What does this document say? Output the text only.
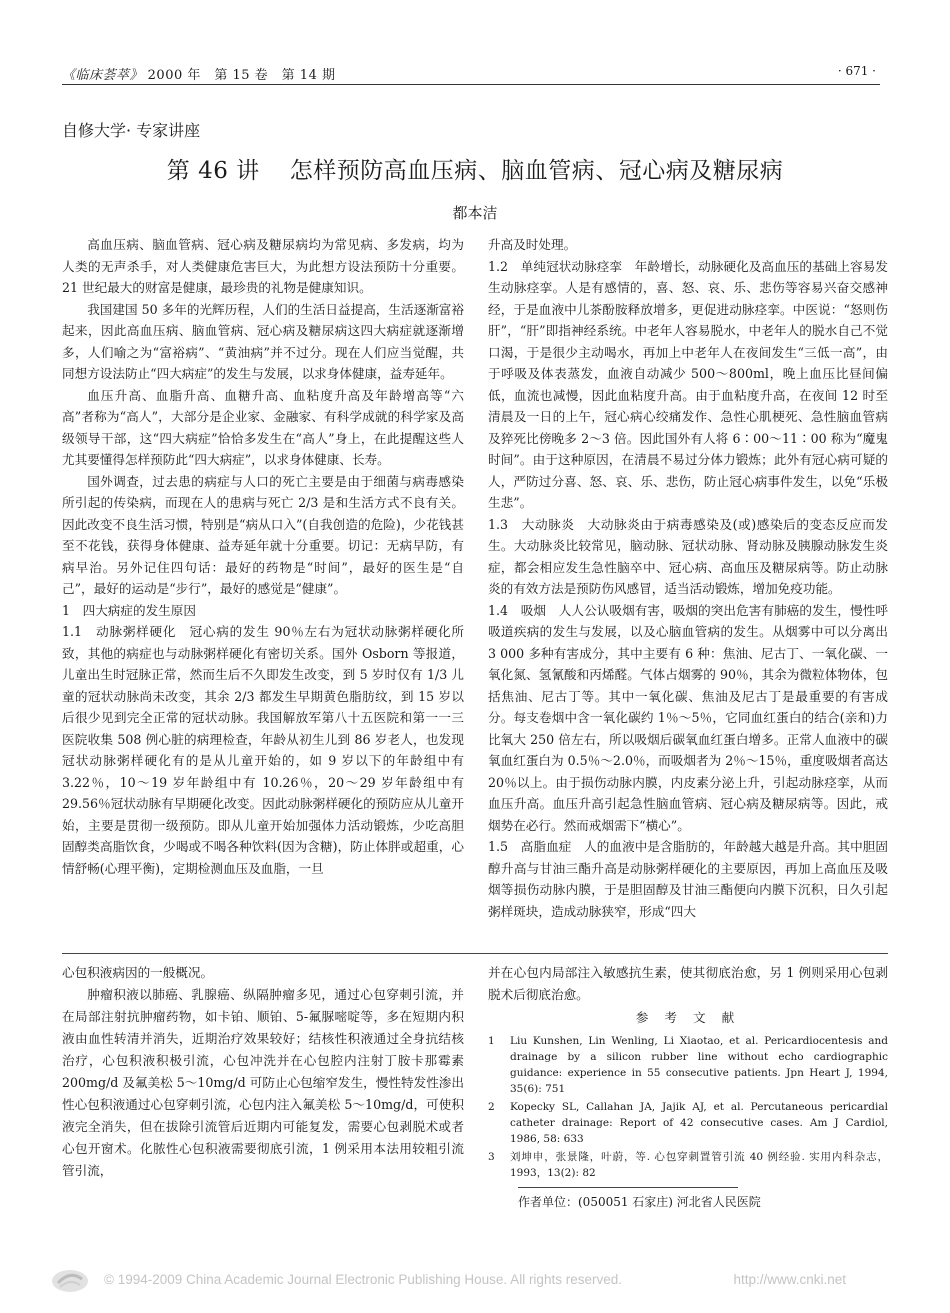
《临床荟萃》 2000 年　第 15 卷　第 14 期	· 671 ·
自修大学· 专家讲座
第 46 讲 怎样预防高血压病、脑血管病、冠心病及糖尿病
都本洁

高血压病、脑血管病、冠心病及糖尿病均为常见病、多发病，均为人类的无声杀手，对人类健康危害巨大，为此想方设法预防十分重要。21 世纪最大的财富是健康，最珍贵的礼物是健康知识。

我国建国 50 多年的光辉历程，人们的生活日益提高，生活逐渐富裕起来，因此高血压病、脑血管病、冠心病及糖尿病这四大病症就逐渐增多，人们喻之为“富裕病”、“黄油病”并不过分。现在人们应当觉醒，共同想方设法防止“四大病症”的发生与发展，以求身体健康，益寿延年。

血压升高、血脂升高、血糖升高、血粘度升高及年龄增高等“六高”者称为“高人”，大部分是企业家、金融家、有科学成就的科学家及高级领导干部，这“四大病症”恰恰多发生在“高人”身上，在此提醒这些人尤其要懂得怎样预防此“四大病症”，以求身体健康、长寿。

国外调查，过去患的病症与人口的死亡主要是由于细菌与病毒感染所引起的传染病，而现在人的患病与死亡 2/3 是和生活方式不良有关。因此改变不良生活习惯，特别是“病从口入”(自我创造的危险)，少花钱甚至不花钱，获得身体健康、益寿延年就十分重要。切记：无病早防，有病早治。另外记住四句话：最好的药物是“时间”，最好的医生是“自己”，最好的运动是“步行”，最好的感觉是“健康”。

1　四大病症的发生原因

1.1　动脉粥样硬化　冠心病的发生 90％左右为冠状动脉粥样硬化所致，其他的病症也与动脉粥样硬化有密切关系。国外 Osborn 等报道，儿童出生时冠脉正常，然而生后不久即发生改变，到 5 岁时仅有 1/3 儿童的冠状动脉尚未改变，其余 2/3 都发生早期黄色脂肪纹，到 15 岁以后很少见到完全正常的冠状动脉。我国解放军第八十五医院和第一一三医院收集 508 例心脏的病理检查，年龄从初生儿到 86 岁老人，也发现冠状动脉粥样硬化有的是从儿童开始的，如 9 岁以下的年龄组中有 3.22％，10～19 岁年龄组中有 10.26％，20～29 岁年龄组中有 29.56％冠状动脉有早期硬化改变。因此动脉粥样硬化的预防应从儿童开始，主要是贯彻一级预防。即从儿童开始加强体力活动锻炼，少吃高胆固醇类高脂饮食，少喝或不喝各种饮料(因为含糖)，防止体胖或超重，心情舒畅(心理平衡)，定期检测血压及血脂，一旦

升高及时处理。

1.2　单纯冠状动脉痉挛　年龄增长，动脉硬化及高血压的基础上容易发生动脉痉挛。人是有感情的，喜、怒、哀、乐、悲伤等容易兴奋交感神经，于是血液中儿茶酚胺释放增多，更促进动脉痉挛。中医说：“怒则伤肝”，“肝”即指神经系统。中老年人容易脱水，中老年人的脱水自己不觉口渴，于是很少主动喝水，再加上中老年人在夜间发生“三低一高”，由于呼吸及体表蒸发，血液自动减少 500～800ml，晚上血压比昼间偏低，血流也减慢，因此血粘度升高。由于血粘度升高，在夜间 12 时至清晨及一日的上午，冠心病心绞痛发作、急性心肌梗死、急性脑血管病及猝死比傍晚多 2～3 倍。因此国外有人将 6∶00～11∶00 称为“魔鬼时间”。由于这种原因，在清晨不易过分体力锻炼；此外有冠心病可疑的人，严防过分喜、怒、哀、乐、悲伤，防止冠心病事件发生，以免“乐极生悲”。

1.3　大动脉炎　大动脉炎由于病毒感染及(或)感染后的变态反应而发生。大动脉炎比较常见，脑动脉、冠状动脉、肾动脉及胰腺动脉发生炎症，都会相应发生急性脑卒中、冠心病、高血压及糖尿病等。防止动脉炎的有效方法是预防伤风感冒，适当活动锻炼，增加免疫功能。

1.4　吸烟　人人公认吸烟有害，吸烟的突出危害有肺癌的发生，慢性呼吸道疾病的发生与发展，以及心脑血管病的发生。从烟雾中可以分离出 3 000 多种有害成分，其中主要有 6 种：焦油、尼古丁、一氧化碳、一氧化氮、氢氰酸和丙烯醛。气体占烟雾的 90％，其余为微粒体物体，包括焦油、尼古丁等。其中一氧化碳、焦油及尼古丁是最重要的有害成分。每支卷烟中含一氧化碳约 1％～5％，它同血红蛋白的结合(亲和)力比氧大 250 倍左右，所以吸烟后碳氧血红蛋白增多。正常人血液中的碳氧血红蛋白为 0.5％～2.0％，而吸烟者为 2％～15％，重度吸烟者高达 20％以上。由于损伤动脉内膜，内皮素分泌上升，引起动脉痉挛，从而血压升高。血压升高引起急性脑血管病、冠心病及糖尿病等。因此，戒烟势在必行。然而戒烟需下“横心”。

1.5　高脂血症　人的血液中是含脂肪的，年龄越大越是升高。其中胆固醇升高与甘油三酯升高是动脉粥样硬化的主要原因，再加上高血压及吸烟等损伤动脉内膜，于是胆固醇及甘油三酯便向内膜下沉积，日久引起粥样斑块，造成动脉狭窄，形成“四大

心包积液病因的一般概况。

肿瘤积液以肺癌、乳腺癌、纵隔肿瘤多见，通过心包穿刺引流，并在局部注射抗肿瘤药物，如卡铂、顺铂、5-氟脲嘧啶等，多在短期内积液由血性转清并消失，近期治疗效果较好；结核性积液通过全身抗结核治疗，心包积液积极引流，心包冲洗并在心包腔内注射丁胺卡那霉素 200mg/d 及氟美松 5～10mg/d 可防止心包缩窄发生，慢性特发性渗出性心包积液通过心包穿刺引流，心包内注入氟美松 5～10mg/d，可使积液完全消失，但在拔除引流管后近期内可能复发，需要心包剥脱术或者心包开窗术。化脓性心包积液需要彻底引流，1 例采用本法用较粗引流管引流，

并在心包内局部注入敏感抗生素，使其彻底治愈，另 1 例则采用心包剥脱术后彻底治愈。

参 考 文 献
1 Liu Kunshen, Lin Wenling, Li Xiaotao, et al. Pericardiocentesis and drainage by a silicon rubber line without echo cardiographic guidance: experience in 55 consecutive patients. Jpn Heart J, 1994, 35(6): 751
2 Kopecky SL, Callahan JA, Jajik AJ, et al. Percutaneous pericardial catheter drainage: Report of 42 consecutive cases. Am J Cardiol, 1986, 58: 633
3 刘坤申，张景隆，叶蔚，等. 心包穿刺置管引流 40 例经验. 实用内科杂志，1993，13(2): 82
作者单位：(050051 石家庄) 河北省人民医院
© 1994-2009 China Academic Journal Electronic Publishing House. All rights reserved.	http://www.cnki.net
